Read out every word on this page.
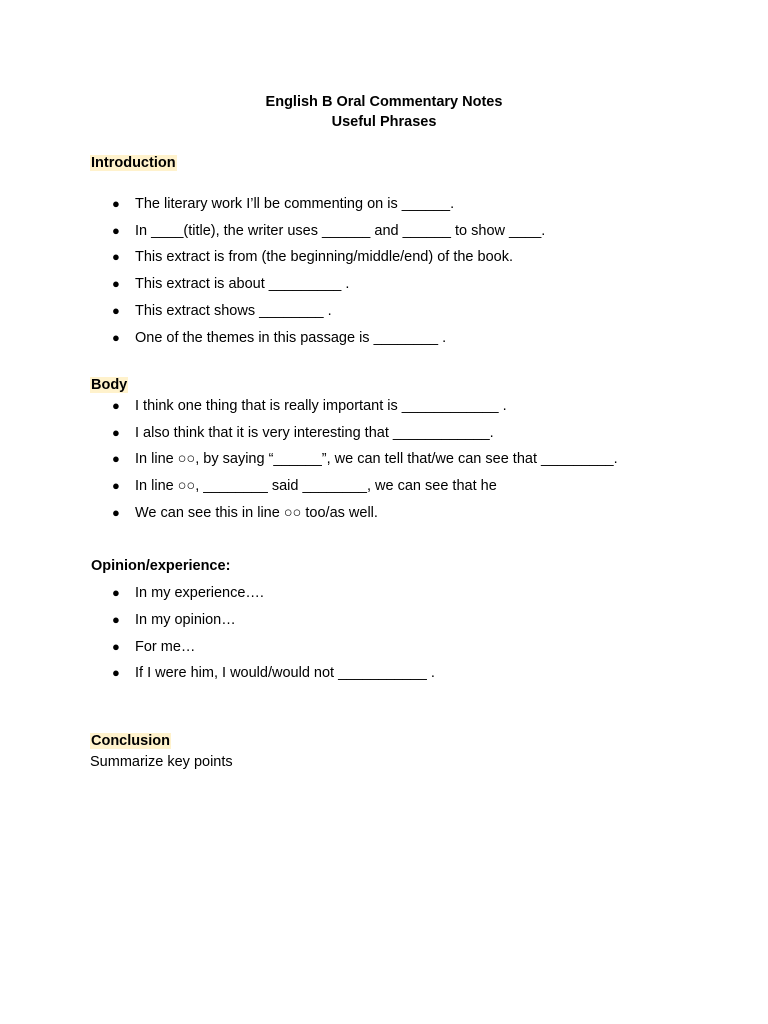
English B Oral Commentary Notes
Useful Phrases
Introduction
● The literary work I’ll be commenting on is ______.
● In ____(title), the writer uses ______ and ______ to show ____.
● This extract is from (the beginning/middle/end) of the book.
● This extract is about _________ .
● This extract shows ________ .
● One of the themes in this passage is ________ .
Body
● I think one thing that is really important is ____________ .
● I also think that it is very interesting that ____________.
● In line ○○, by saying “______”, we can tell that/we can see that _________.
● In line ○○, ________ said ________, we can see that he
● We can see this in line ○○ too/as well.
Opinion/experience:
● In my experience….
● In my opinion…
● For me…
● If I were him, I would/would not ___________ .
Conclusion
Summarize key points
